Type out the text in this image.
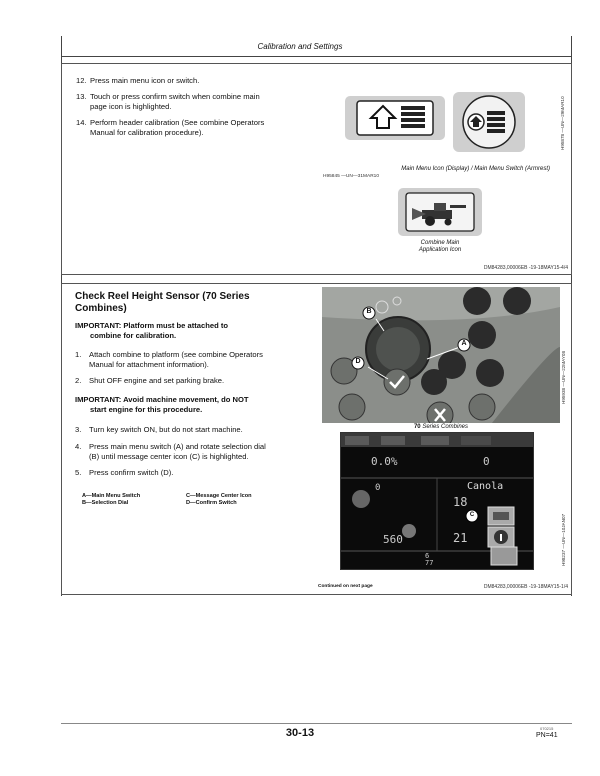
Calibration and Settings
12. Press main menu icon or switch.
13. Touch or press confirm switch when combine main
page icon is highlighted.
14. Perform header calibration (See combine Operators
Manual for calibration procedure).
Main Menu Icon (Display) / Main Menu Switch (Armrest)
H95845 —UN—31MAR10
H95878 —UN—29MAR10
Combine Main
Application Icon
DM84283,00006EB -19-18MAY15-4/4
Check Reel Height Sensor (70 Series
Combines)
IMPORTANT: Platform must be attached to
combine for calibration.
1. Attach combine to platform (see combine Operators
Manual for attachment information).
2. Shut OFF engine and set parking brake.
IMPORTANT: Avoid machine movement, do NOT
start engine for this procedure.
3. Turn key switch ON, but do not start machine.
4. Press main menu switch (A) and rotate selection dial
(B) until message center icon (C) is highlighted.
5. Press confirm switch (D).
A—Main Menu Switch
B—Selection Dial
C—Message Center Icon
D—Confirm Switch
B
A
D
70 Series Combines
H95938 —UN—22MAY08
0.0%	0
0	Canola
18
21
560
6
77
C	H98237 —UN—10JAN07
Continued on next page	DM84283,00006EB -19-18MAY15-1/4
30-13	070215
PN=41
